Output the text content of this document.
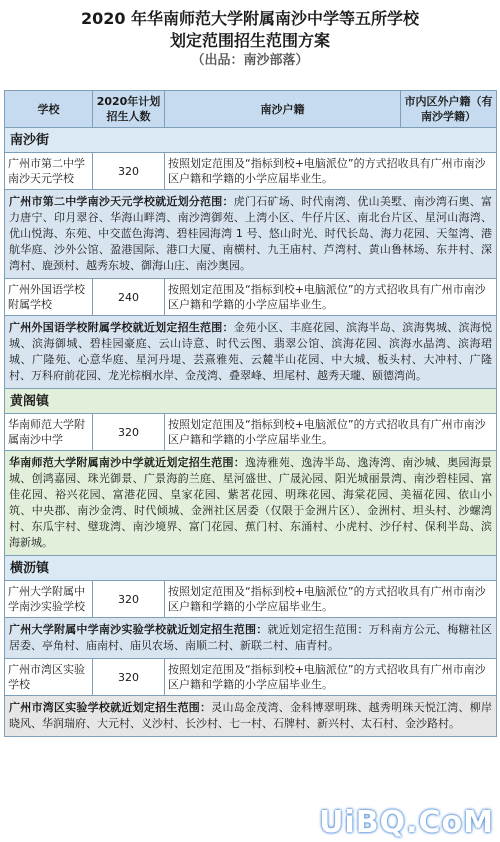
2020 年华南师范大学附属南沙中学等五所学校
划定范围招生范围方案
（出品：南沙部落）
学校	2020年计划招生人数	南沙户籍	市内区外户籍（有南沙学籍）
南沙街			
广州市第二中学南沙天元学校	320	按照划定范围及“指标到校+电脑派位”的方式招收具有广州市南沙区户籍和学籍的小学应届毕业生。	
广州市第二中学南沙天元学校就近划分范围：虎门石矿场、时代南湾、优山美墅、南沙湾石奥、富力唐宁、印月翠谷、华海山畔湾、南沙湾御苑、上湾小区、牛仔片区、南北台片区、星河山海湾、优山悦海、东苑、中交蓝色海湾、碧桂园海湾 1 号、悠山时光、时代长岛、海力花园、天玺湾、港航华庭、沙外公馆、盈港国际、港口大厦、南横村、九王庙村、芦湾村、黄山鲁林场、东井村、深湾村、鹿颈村、越秀东坡、御海山庄、南沙奥园。			
广州外国语学校附属学校	240	按照划定范围及“指标到校+电脑派位”的方式招收具有广州市南沙区户籍和学籍的小学应届毕业生。	
广州外国语学校附属学校就近划定招生范围：金苑小区、丰庭花园、滨海半岛、滨海隽城、滨海悦城、滨海御城、碧桂园豪庭、云山诗意、时代云图、翡翠公馆、滨海花园、滨海水晶湾、滨海珺城、广隆苑、心意华庭、星河丹堤、芸熹雅苑、云麓半山花园、中大城、板头村、大冲村、广隆村、万科府前花园、龙光棕榈水岸、金茂湾、叠翠峰、坦尾村、越秀天瓏、颐德湾尚。			
黄阁镇			
华南师范大学附属南沙中学	320	按照划定范围及“指标到校+电脑派位”的方式招收具有广州市南沙区户籍和学籍的小学应届毕业生。	
华南师范大学附属南沙中学就近划定招生范围：逸涛雅苑、逸涛半岛、逸涛湾、南沙城、奥园海景城、创鸿嘉园、珠光御景、广景海韵兰庭、星河盛世、广晟沁园、阳光城丽景湾、南沙碧桂园、富佳花园、裕兴花园、富港花园、皇家花园、紫茗花园、明珠花园、海棠花园、美福花园、依山小筑、中央郡、南沙金湾、时代倾城、金洲社区居委（仅限于金洲片区）、金洲村、坦头村、沙螺湾村、东瓜宇村、璧珑湾、南沙境界、富门花园、蕉门村、东涌村、小虎村、沙仔村、保利半岛、滨海新城。			
横沥镇			
广州大学附属中学南沙实验学校	320	按照划定范围及“指标到校+电脑派位”的方式招收具有广州市南沙区户籍和学籍的小学应届毕业生。	
广州大学附属中学南沙实验学校就近划定招生范围：就近划定招生范围：万科南方公元、梅糖社区居委、亭角村、庙南村、庙贝农场、南顺二村、新联二村、庙青村。			
广州市湾区实验学校	320	按照划定范围及“指标到校+电脑派位”的方式招收具有广州市南沙区户籍和学籍的小学应届毕业生。	
广州市湾区实验学校就近划定招生范围：灵山岛金茂湾、金科博翠明珠、越秀明珠天悦江湾、柳岸晓风、华润瑞府、大元村、义沙村、长沙村、七一村、石牌村、新兴村、太石村、金沙路村。			
UiBQ.CoM
